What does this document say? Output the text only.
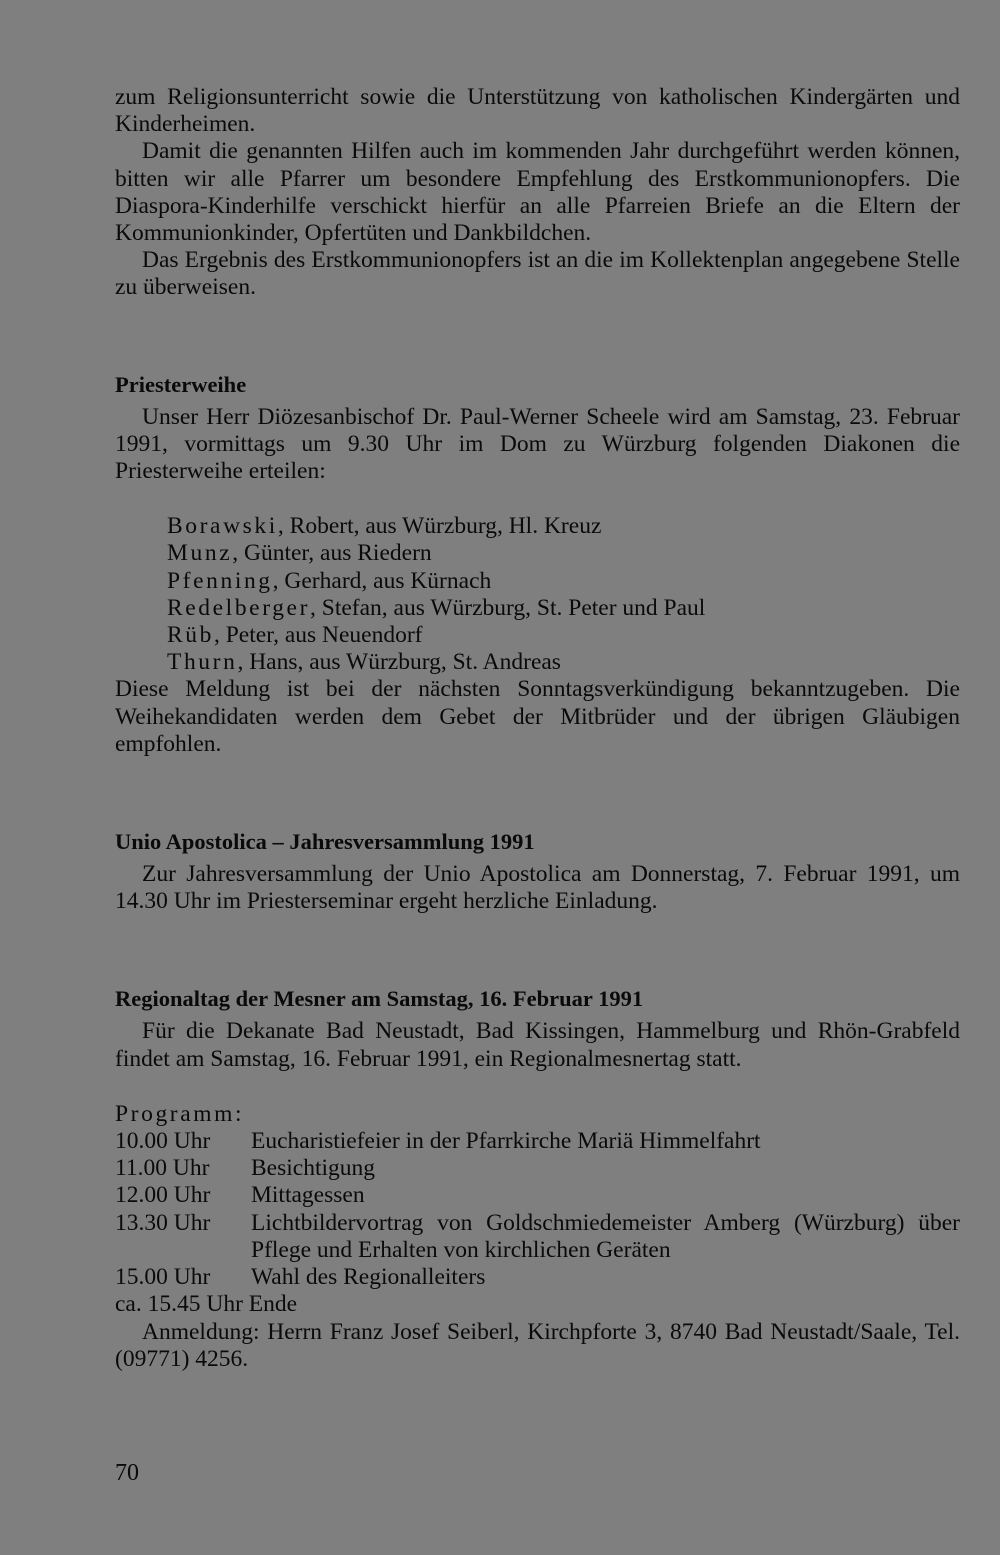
zum Religionsunterricht sowie die Unterstützung von katholischen Kindergärten und Kinderheimen.

Damit die genannten Hilfen auch im kommenden Jahr durchgeführt werden können, bitten wir alle Pfarrer um besondere Empfehlung des Erstkommunionopfers. Die Diaspora-Kinderhilfe verschickt hierfür an alle Pfarreien Briefe an die Eltern der Kommunionkinder, Opfertüten und Dankbildchen.

Das Ergebnis des Erstkommunionopfers ist an die im Kollektenplan angegebene Stelle zu überweisen.

Priesterweihe

Unser Herr Diözesanbischof Dr. Paul-Werner Scheele wird am Samstag, 23. Februar 1991, vormittags um 9.30 Uhr im Dom zu Würzburg folgenden Diakonen die Priesterweihe erteilen:

Borawski, Robert, aus Würzburg, Hl. Kreuz
Munz, Günter, aus Riedern
Pfenning, Gerhard, aus Kürnach
Redelberger, Stefan, aus Würzburg, St. Peter und Paul
Rüb, Peter, aus Neuendorf
Thurn, Hans, aus Würzburg, St. Andreas

Diese Meldung ist bei der nächsten Sonntagsverkündigung bekanntzugeben. Die Weihekandidaten werden dem Gebet der Mitbrüder und der übrigen Gläubigen empfohlen.

Unio Apostolica – Jahresversammlung 1991

Zur Jahresversammlung der Unio Apostolica am Donnerstag, 7. Februar 1991, um 14.30 Uhr im Priesterseminar ergeht herzliche Einladung.

Regionaltag der Mesner am Samstag, 16. Februar 1991

Für die Dekanate Bad Neustadt, Bad Kissingen, Hammelburg und Rhön-Grabfeld findet am Samstag, 16. Februar 1991, ein Regionalmesnertag statt.

Programm:
10.00 Uhr	Eucharistiefeier in der Pfarrkirche Mariä Himmelfahrt
11.00 Uhr	Besichtigung
12.00 Uhr	Mittagessen
13.30 Uhr	Lichtbildervortrag von Goldschmiedemeister Amberg (Würzburg) über Pflege und Erhalten von kirchlichen Geräten
15.00 Uhr	Wahl des Regionalleiters
ca. 15.45 Uhr Ende

Anmeldung: Herrn Franz Josef Seiberl, Kirchpforte 3, 8740 Bad Neustadt/Saale, Tel. (09771) 4256.

70
